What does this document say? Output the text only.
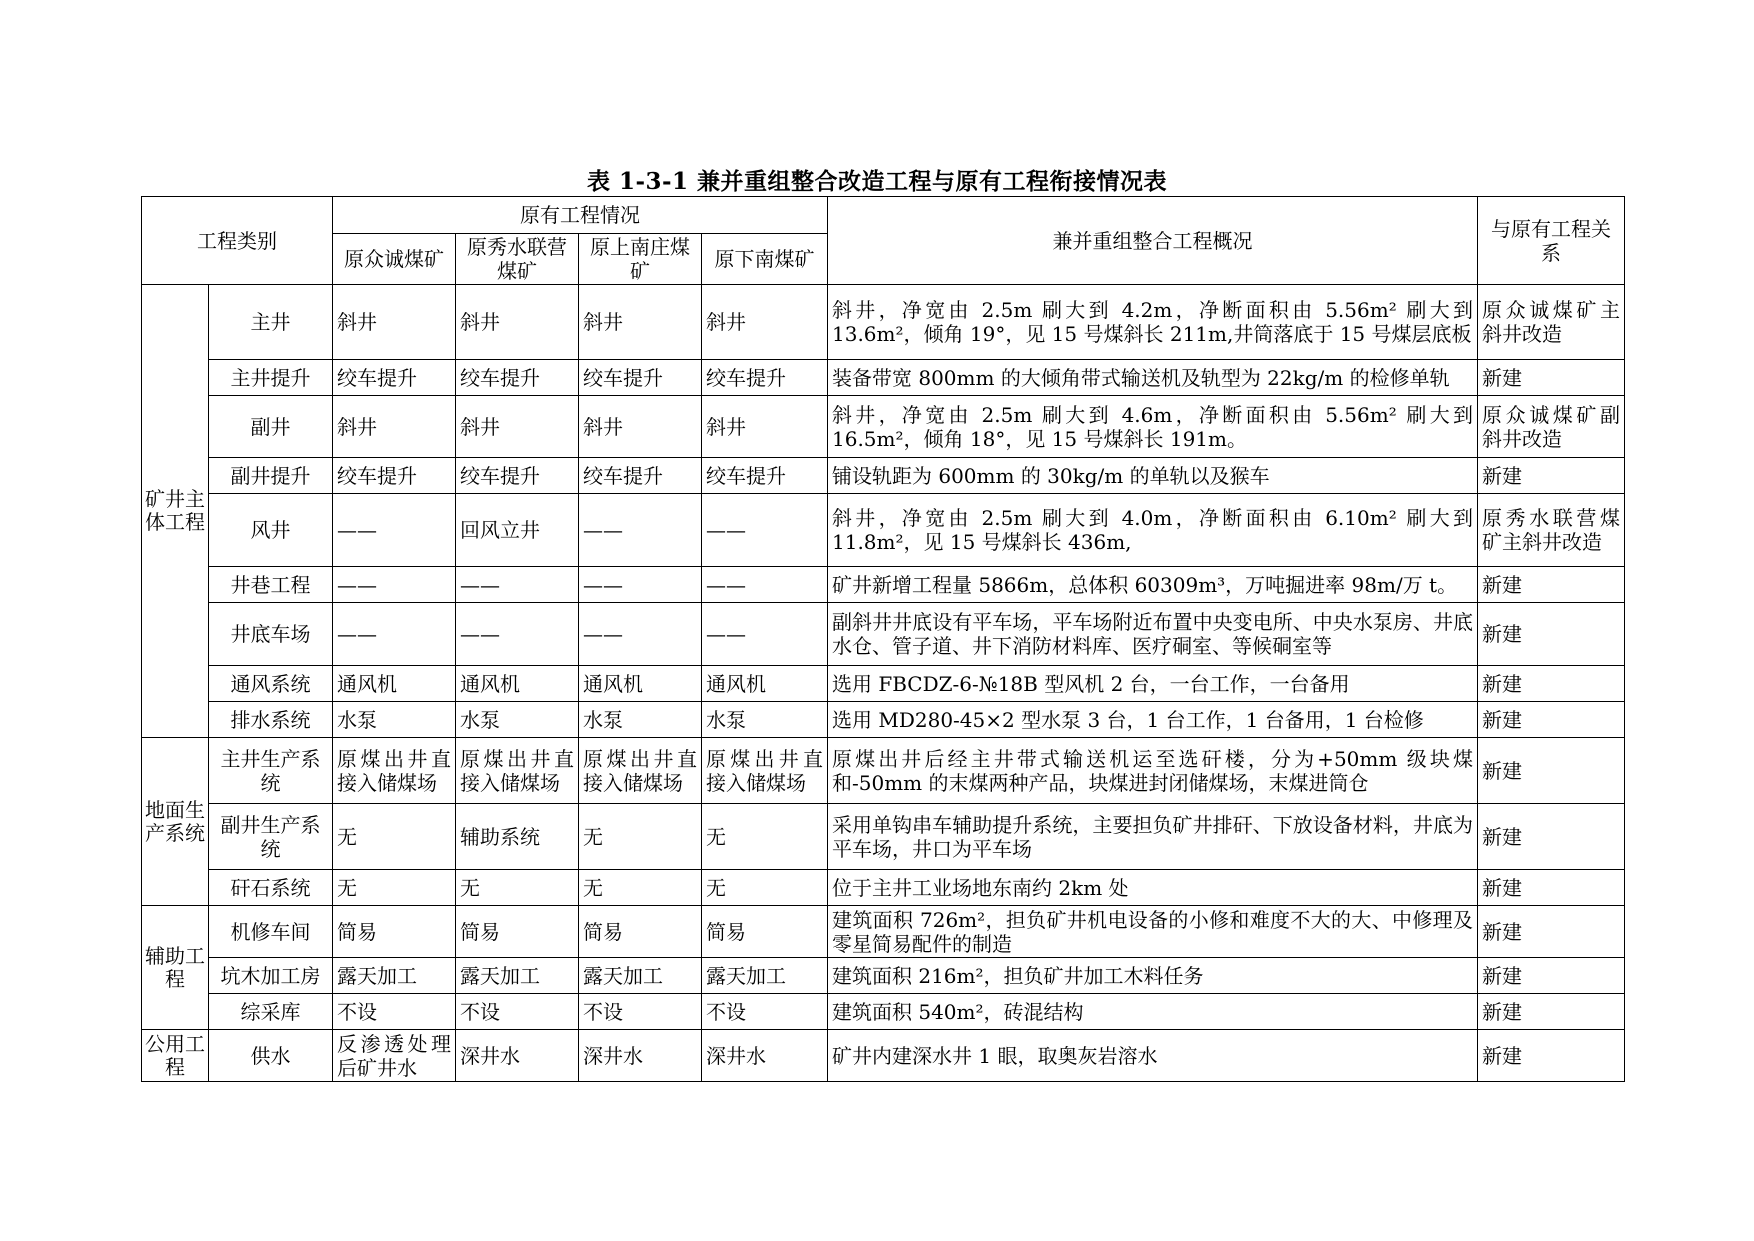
表 1-3-1 兼并重组整合改造工程与原有工程衔接情况表
工程类别		原有工程情况				兼并重组整合工程概况	与原有工程关系
		原众诚煤矿	原秀水联营煤矿	原上南庄煤矿	原下南煤矿		
矿井主体工程	主井	斜井	斜井	斜井	斜井	斜井，净宽由 2.5m 刷大到 4.2m，净断面积由 5.56m² 刷大到 13.6m²，倾角 19°，见 15 号煤斜长 211m,井筒落底于 15 号煤层底板	原众诚煤矿主斜井改造
	主井提升	绞车提升	绞车提升	绞车提升	绞车提升	装备带宽 800mm 的大倾角带式输送机及轨型为 22kg/m 的检修单轨	新建
	副井	斜井	斜井	斜井	斜井	斜井，净宽由 2.5m 刷大到 4.6m，净断面积由 5.56m² 刷大到 16.5m²，倾角 18°，见 15 号煤斜长 191m。	原众诚煤矿副斜井改造
	副井提升	绞车提升	绞车提升	绞车提升	绞车提升	铺设轨距为 600mm 的 30kg/m 的单轨以及猴车	新建
	风井	——	回风立井	——	——	斜井，净宽由 2.5m 刷大到 4.0m，净断面积由 6.10m² 刷大到 11.8m²，见 15 号煤斜长 436m,	原秀水联营煤矿主斜井改造
	井巷工程	——	——	——	——	矿井新增工程量 5866m，总体积 60309m³，万吨掘进率 98m/万 t。	新建
	井底车场	——	——	——	——	副斜井井底设有平车场，平车场附近布置中央变电所、中央水泵房、井底水仓、管子道、井下消防材料库、医疗硐室、等候硐室等	新建
	通风系统	通风机	通风机	通风机	通风机	选用 FBCDZ-6-№18B 型风机 2 台，一台工作，一台备用	新建
	排水系统	水泵	水泵	水泵	水泵	选用 MD280-45×2 型水泵 3 台，1 台工作，1 台备用，1 台检修	新建
地面生产系统	主井生产系统	原煤出井直接入储煤场	原煤出井直接入储煤场	原煤出井直接入储煤场	原煤出井直接入储煤场	原煤出井后经主井带式输送机运至选矸楼，分为+50mm 级块煤和-50mm 的末煤两种产品，块煤进封闭储煤场，末煤进筒仓	新建
	副井生产系统	无	辅助系统	无	无	采用单钩串车辅助提升系统，主要担负矿井排矸、下放设备材料，井底为平车场，井口为平车场	新建
	矸石系统	无	无	无	无	位于主井工业场地东南约 2km 处	新建
辅助工程	机修车间	简易	简易	简易	简易	建筑面积 726m²，担负矿井机电设备的小修和难度不大的大、中修理及零星简易配件的制造	新建
	坑木加工房	露天加工	露天加工	露天加工	露天加工	建筑面积 216m²，担负矿井加工木料任务	新建
	综采库	不设	不设	不设	不设	建筑面积 540m²，砖混结构	新建
公用工程	供水	反渗透处理后矿井水	深井水	深井水	深井水	矿井内建深水井 1 眼，取奥灰岩溶水	新建
